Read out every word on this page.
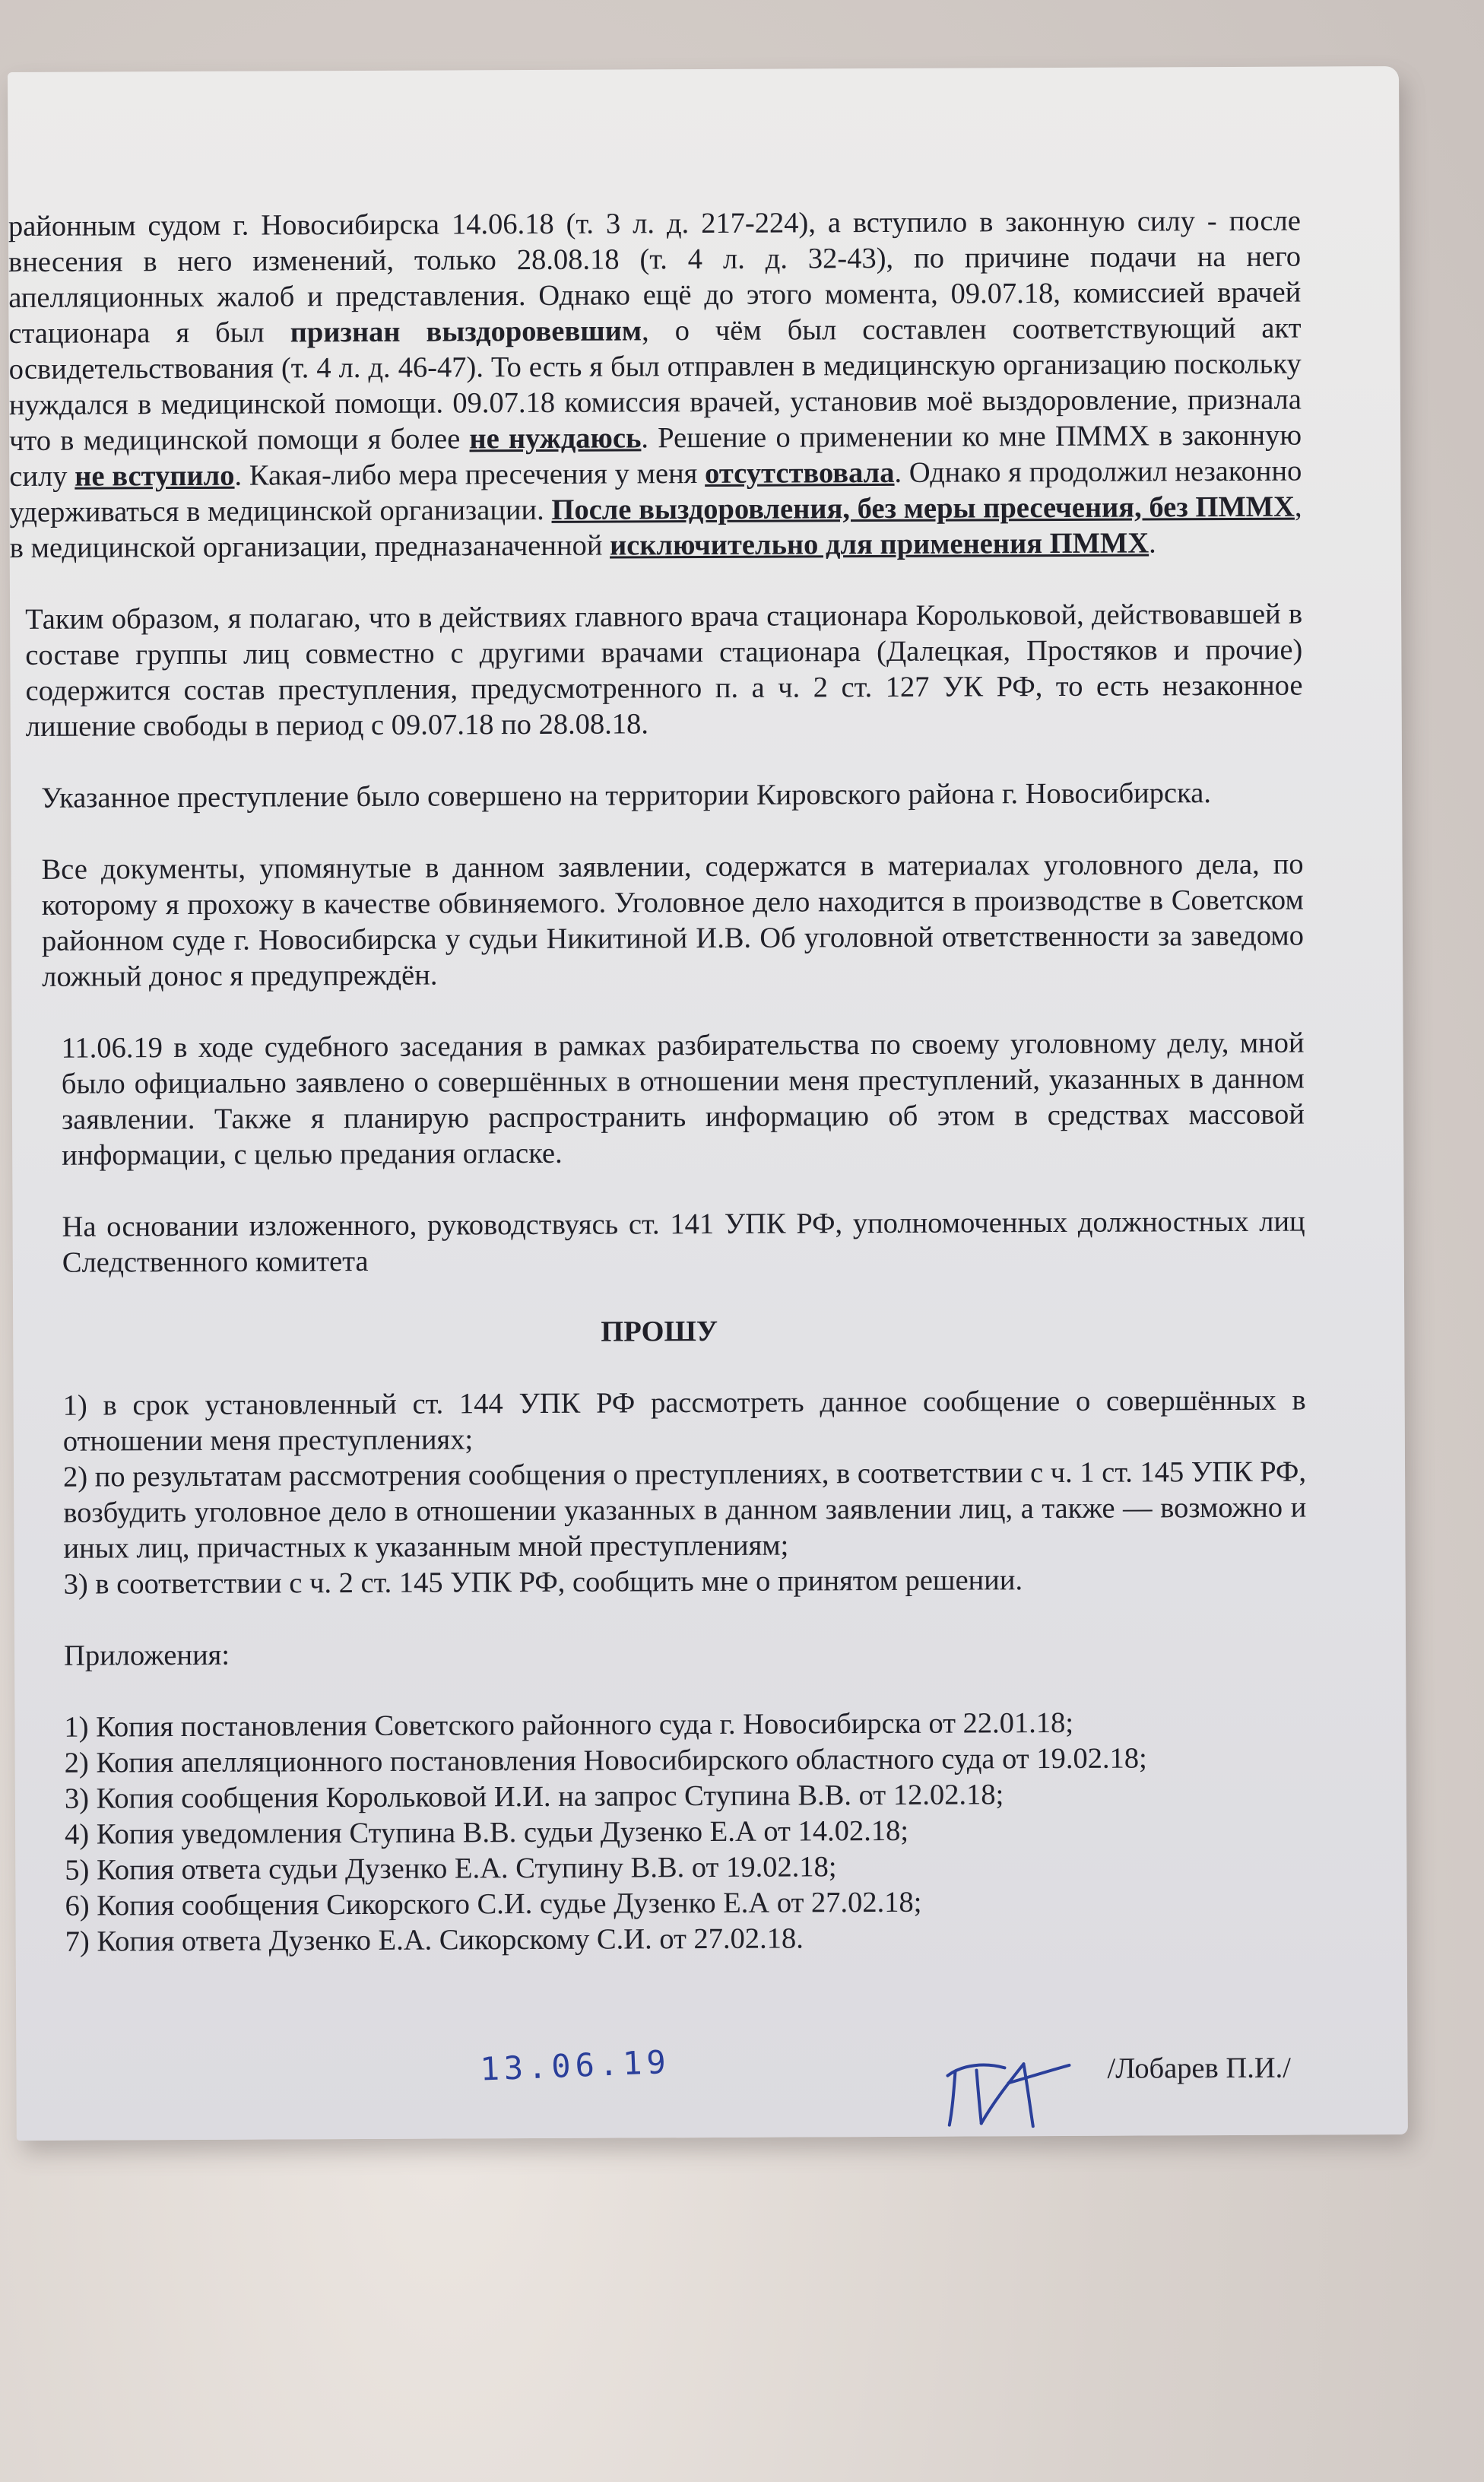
районным судом г. Новосибирска 14.06.18 (т. 3 л. д. 217-224), а вступило в законную силу - после внесения в него изменений, только 28.08.18 (т. 4 л. д. 32-43), по причине подачи на него апелляционных жалоб и представления. Однако ещё до этого момента, 09.07.18, комиссией врачей стационара я был признан выздоровевшим, о чём был составлен соответствующий акт освидетельствования (т. 4 л. д. 46-47). То есть я был отправлен в медицинскую организацию поскольку нуждался в медицинской помощи. 09.07.18 комиссия врачей, установив моё выздоровление, признала что в медицинской помощи я более не нуждаюсь. Решение о применении ко мне ПММХ в законную силу не вступило. Какая-либо мера пресечения у меня отсутствовала. Однако я продолжил незаконно удерживаться в медицинской организации. После выздоровления, без меры пресечения, без ПММХ, в медицинской организации, предназаначенной исключительно для применения ПММХ.

Таким образом, я полагаю, что в действиях главного врача стационара Корольковой, действовавшей в составе группы лиц совместно с другими врачами стационара (Далецкая, Простяков и прочие) содержится состав преступления, предусмотренного п. а ч. 2 ст. 127 УК РФ, то есть незаконное лишение свободы в период с 09.07.18 по 28.08.18.

Указанное преступление было совершено на территории Кировского района г. Новосибирска.

Все документы, упомянутые в данном заявлении, содержатся в материалах уголовного дела, по которому я прохожу в качестве обвиняемого. Уголовное дело находится в производстве в Советском районном суде г. Новосибирска у судьи Никитиной И.В. Об уголовной ответственности за заведомо ложный донос я предупреждён.

11.06.19 в ходе судебного заседания в рамках разбирательства по своему уголовному делу, мной было официально заявлено о совершённых в отношении меня преступлений, указанных в данном заявлении. Также я планирую распространить информацию об этом в средствах массовой информации, с целью предания огласке.

На основании изложенного, руководствуясь ст. 141 УПК РФ, уполномоченных должностных лиц Следственного комитета

ПРОШУ

1) в срок установленный ст. 144 УПК РФ рассмотреть данное сообщение о совершённых в отношении меня преступлениях;

2) по результатам рассмотрения сообщения о преступлениях, в соответствии с ч. 1 ст. 145 УПК РФ, возбудить уголовное дело в отношении указанных в данном заявлении лиц, а также — возможно и иных лиц, причастных к указанным мной преступлениям;

3) в соответствии с ч. 2 ст. 145 УПК РФ, сообщить мне о принятом решении.

Приложения:

1) Копия постановления Советского районного суда г. Новосибирска от 22.01.18;

2) Копия апелляционного постановления Новосибирского областного суда от 19.02.18;

3) Копия сообщения Корольковой И.И. на запрос Ступина В.В. от 12.02.18;

4) Копия уведомления Ступина В.В. судьи Дузенко Е.А от 14.02.18;

5) Копия ответа судьи Дузенко Е.А. Ступину В.В. от 19.02.18;

6) Копия сообщения Сикорского С.И. судье Дузенко Е.А от 27.02.18;

7) Копия ответа Дузенко Е.А. Сикорскому С.И. от 27.02.18.

13.06.19	/Лобарев П.И./
